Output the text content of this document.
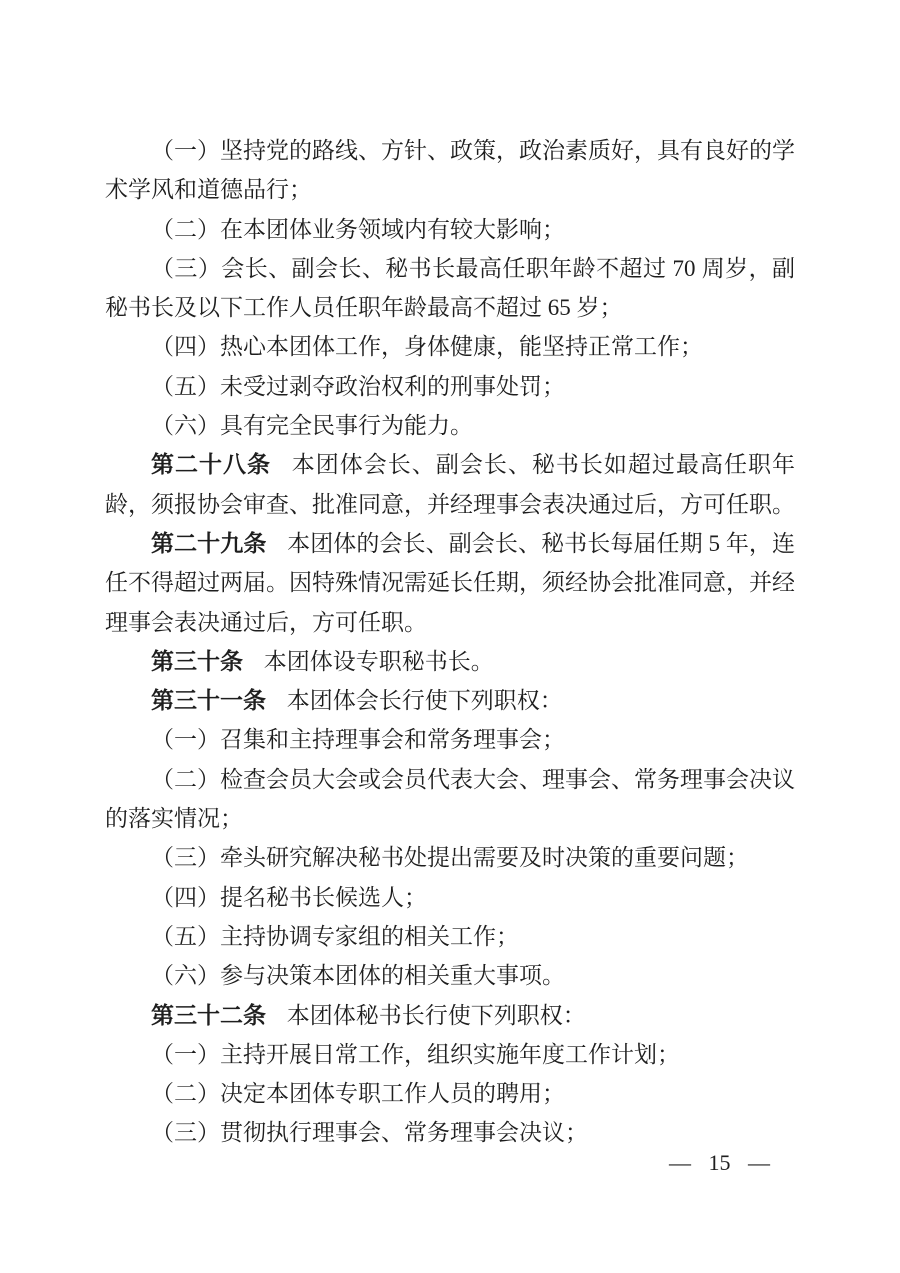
（一）坚持党的路线、方针、政策，政治素质好，具有良好的学术学风和道德品行；

（二）在本团体业务领域内有较大影响；

（三）会长、副会长、秘书长最高任职年龄不超过 70 周岁，副秘书长及以下工作人员任职年龄最高不超过 65 岁；

（四）热心本团体工作，身体健康，能坚持正常工作；

（五）未受过剥夺政治权利的刑事处罚；

（六）具有完全民事行为能力。

第二十八条 本团体会长、副会长、秘书长如超过最高任职年龄，须报协会审查、批准同意，并经理事会表决通过后，方可任职。

第二十九条 本团体的会长、副会长、秘书长每届任期 5 年，连任不得超过两届。因特殊情况需延长任期，须经协会批准同意，并经理事会表决通过后，方可任职。

第三十条 本团体设专职秘书长。

第三十一条 本团体会长行使下列职权：

（一）召集和主持理事会和常务理事会；

（二）检查会员大会或会员代表大会、理事会、常务理事会决议的落实情况；

（三）牵头研究解决秘书处提出需要及时决策的重要问题；

（四）提名秘书长候选人；

（五）主持协调专家组的相关工作；

（六）参与决策本团体的相关重大事项。

第三十二条 本团体秘书长行使下列职权：

（一）主持开展日常工作，组织实施年度工作计划；

（二）决定本团体专职工作人员的聘用；

（三）贯彻执行理事会、常务理事会决议；

— 15 —
